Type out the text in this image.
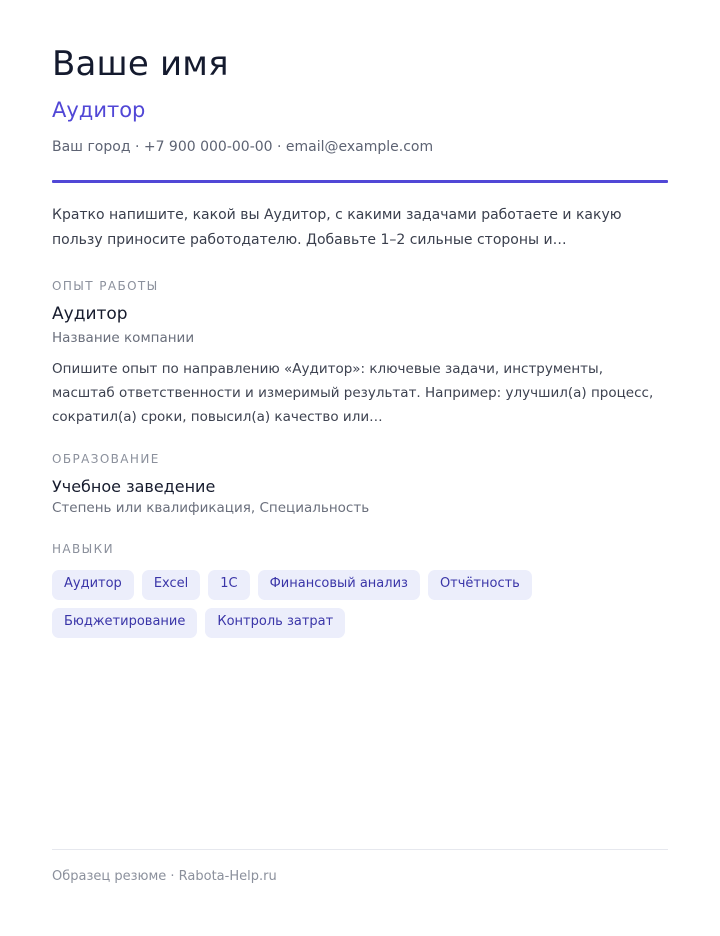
Ваше имя
Аудитор
Ваш город · +7 900 000-00-00 · email@example.com

Кратко напишите, какой вы Аудитор, с какими задачами работаете и какую пользу приносите работодателю. Добавьте 1–2 сильные стороны и…

ОПЫТ РАБОТЫ
Аудитор
Название компании

Опишите опыт по направлению «Аудитор»: ключевые задачи, инструменты, масштаб ответственности и измеримый результат. Например: улучшил(а) процесс, сократил(а) сроки, повысил(а) качество или…

ОБРАЗОВАНИЕ
Учебное заведение
Степень или квалификация, Специальность
НАВЫКИ
Аудитор	Excel	1С	Финансовый анализ	Отчётность
Бюджетирование	Контроль затрат
Образец резюме · Rabota-Help.ru
